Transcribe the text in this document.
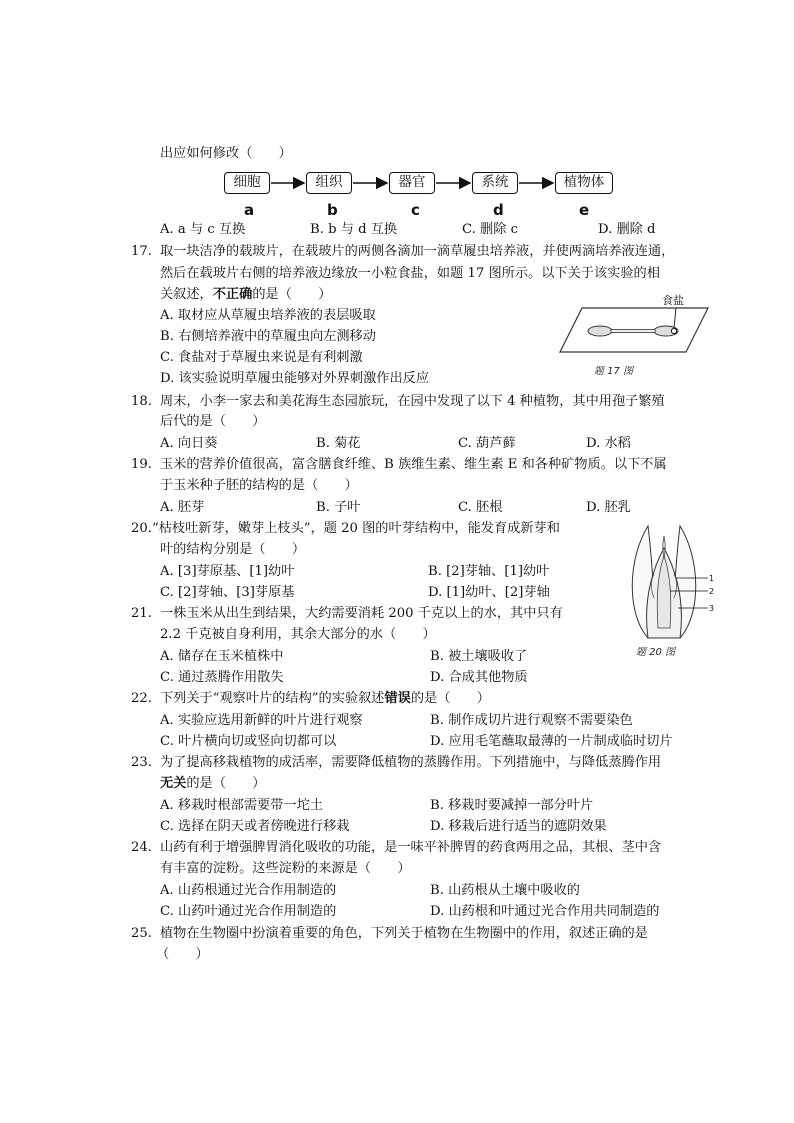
出应如何修改（　　）
细胞	组织	器官	系统	植物体
a	b	c	d	e
A. a 与 c 互换	B. b 与 d 互换	C. 删除 c	D. 删除 d
17. 取一块洁净的载玻片，在载玻片的两侧各滴加一滴草履虫培养液，并使两滴培养液连通，
然后在载玻片右侧的培养液边缘放一小粒食盐，如题 17 图所示。以下关于该实验的相
关叙述，不正确的是（　　）
A. 取材应从草履虫培养液的表层吸取
B. 右侧培养液中的草履虫向左测移动
C. 食盐对于草履虫来说是有利刺激
D. 该实验说明草履虫能够对外界刺激作出反应
食盐
题 17 图
18. 周末，小李一家去和美花海生态园旅玩，在园中发现了以下 4 种植物，其中用孢子繁殖
后代的是（　　）
A. 向日葵	B. 菊花	C. 葫芦藓	D. 水稻
19. 玉米的营养价值很高，富含膳食纤维、B 族维生素、维生素 E 和各种矿物质。以下不属
于玉米种子胚的结构的是（　　）
A. 胚芽	B. 子叶	C. 胚根	D. 胚乳
20. “枯枝吐新芽，嫩芽上枝头”，题 20 图的叶芽结构中，能发育成新芽和
叶的结构分别是（　　）
A. [3]芽原基、[1]幼叶	B. [2]芽轴、[1]幼叶
C. [2]芽轴、[3]芽原基	D. [1]幼叶、[2]芽轴
1
2
3
题 20 图
21. 一株玉米从出生到结果，大约需要消耗 200 千克以上的水，其中只有
2.2 千克被自身利用，其余大部分的水（　　）
A. 储存在玉米植株中	B. 被土壤吸收了
C. 通过蒸腾作用散失	D. 合成其他物质
22. 下列关于“观察叶片的结构”的实验叙述错误的是（　　）
A. 实验应选用新鲜的叶片进行观察	B. 制作成切片进行观察不需要染色
C. 叶片横向切或竖向切都可以	D. 应用毛笔蘸取最薄的一片制成临时切片
23. 为了提高移栽植物的成活率，需要降低植物的蒸腾作用。下列措施中，与降低蒸腾作用
无关的是（　　）
A. 移栽时根部需要带一坨土	B. 移栽时要减掉一部分叶片
C. 选择在阴天或者傍晚进行移栽	D. 移栽后进行适当的遮阴效果
24. 山药有利于增强脾胃消化吸收的功能，是一味平补脾胃的药食两用之品，其根、茎中含
有丰富的淀粉。这些淀粉的来源是（　　）
A. 山药根通过光合作用制造的	B. 山药根从土壤中吸收的
C. 山药叶通过光合作用制造的	D. 山药根和叶通过光合作用共同制造的
25. 植物在生物圈中扮演着重要的角色，下列关于植物在生物圈中的作用，叙述正确的是
（　　）
